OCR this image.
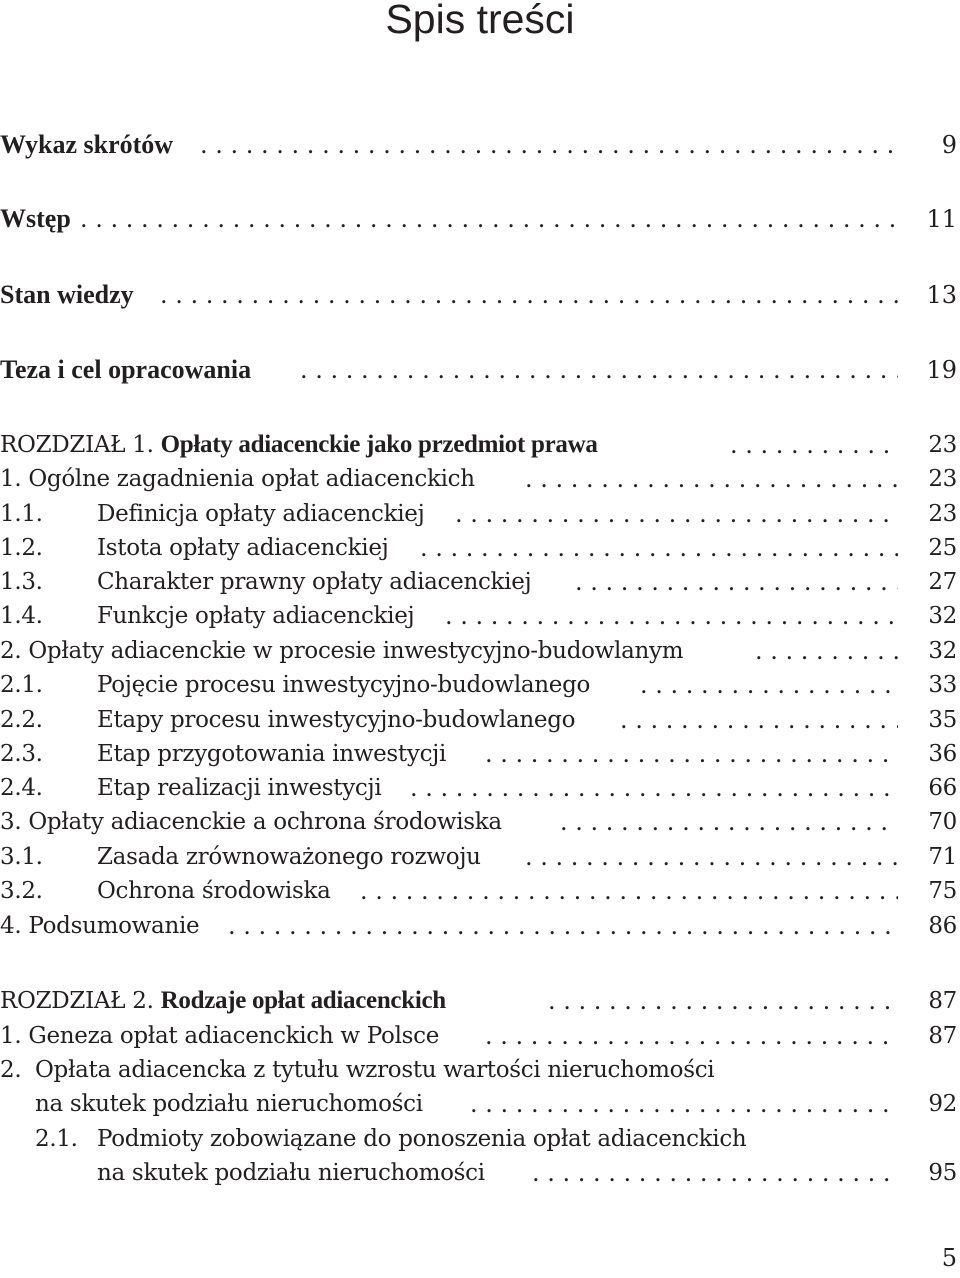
Spis treści
. . .
Wykaz skrótów	9
. . .
Wstęp	11
. . .
Stan wiedzy	13
. . .
Teza i cel opracowania	19
. . .
ROZDZIAŁ 1. Opłaty adiacenckie jako przedmiot prawa	23
. . .
1. Ogólne zagadnienia opłat adiacenckich	23
. . .
1.1. Definicja opłaty adiacenckiej	23
. . .
1.2. Istota opłaty adiacenckiej	25
. . .
1.3. Charakter prawny opłaty adiacenckiej	27
. . .
1.4. Funkcje opłaty adiacenckiej	32
. . .
2. Opłaty adiacenckie w procesie inwestycyjno-budowlanym	32
. . .
2.1. Pojęcie procesu inwestycyjno-budowlanego	33
. . .
2.2. Etapy procesu inwestycyjno-budowlanego	35
. . .
2.3. Etap przygotowania inwestycji	36
. . .
2.4. Etap realizacji inwestycji	66
. . .
3. Opłaty adiacenckie a ochrona środowiska	70
. . .
3.1. Zasada zrównoważonego rozwoju	71
. . .
3.2. Ochrona środowiska	75
. . .
4. Podsumowanie	86
. . .
ROZDZIAŁ 2. Rodzaje opłat adiacenckich	87
. . .
1. Geneza opłat adiacenckich w Polsce	87
2. Opłata adiacencka z tytułu wzrostu wartości nieruchomości
. . .
na skutek podziału nieruchomości	92
2.1. Podmioty zobowiązane do ponoszenia opłat adiacenckich
. . .
na skutek podziału nieruchomości	95
5
